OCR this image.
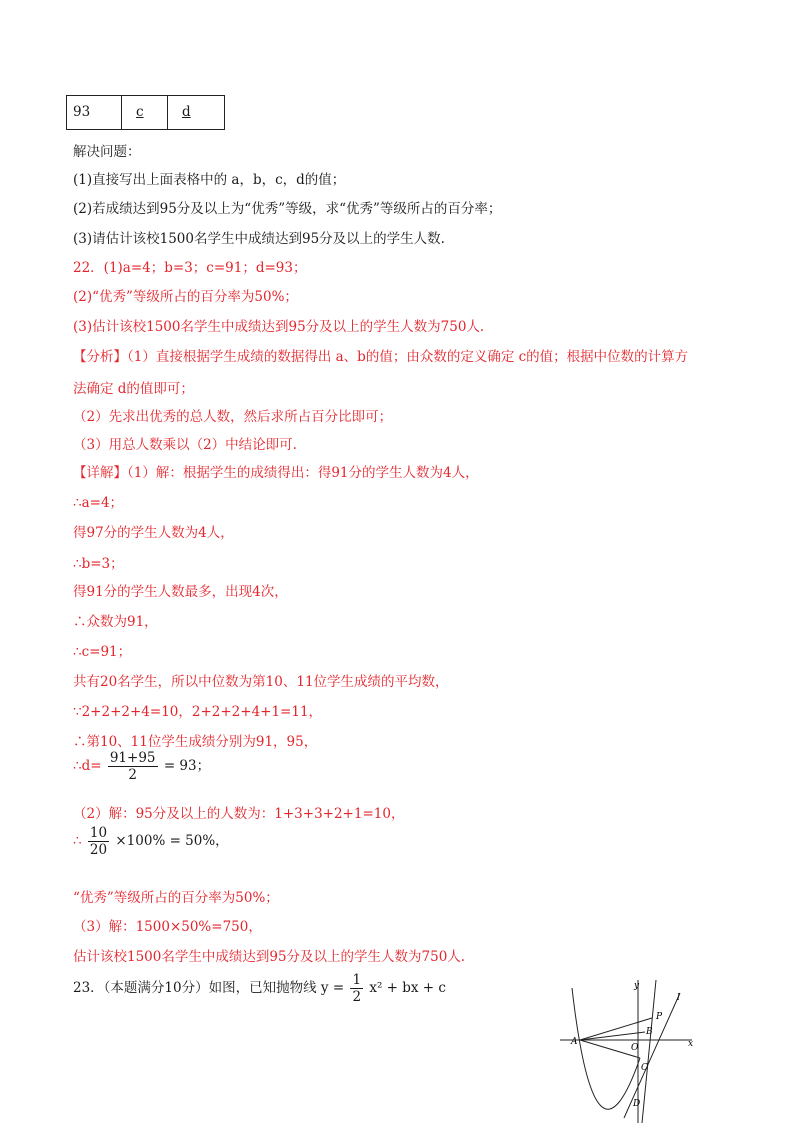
93	c	d
解决问题：
(1)直接写出上面表格中的 a，b，c，d的值；
(2)若成绩达到95分及以上为“优秀”等级，求“优秀”等级所占的百分率；
(3)请估计该校1500名学生中成绩达到95分及以上的学生人数.
22．(1)a=4；b=3；c=91；d=93；
(2)“优秀”等级所占的百分率为50%；
(3)估计该校1500名学生中成绩达到95分及以上的学生人数为750人.
【分析】（1）直接根据学生成绩的数据得出 a、b的值；由众数的定义确定 c的值；根据中位数的计算方
法确定 d的值即可；
（2）先求出优秀的总人数，然后求所占百分比即可；
（3）用总人数乘以（2）中结论即可.
【详解】（1）解：根据学生的成绩得出：得91分的学生人数为4人，
∴a=4；
得97分的学生人数为4人，
∴b=3；
得91分的学生人数最多，出现4次，
∴众数为91，
∴c=91；
共有20名学生，所以中位数为第10、11位学生成绩的平均数，
∵2+2+2+4=10，2+2+2+4+1=11，
∴第10、11位学生成绩分别为91，95，
∴d= $\frac{91+95}{2} = 93$；
（2）解：95分及以上的人数为：1+3+3+2+1=10，
∴ $\frac{10}{20} \times 100\% = 50\%$，
“优秀”等级所占的百分率为50%；
（3）解：1500×50%=750，
估计该校1500名学生中成绩达到95分及以上的学生人数为750人.
23．（本题满分10分）如图，已知抛物线 $y = \frac{1}{2} x^2$ + bx + c	y
x
l
P
A
B
O
C
D
